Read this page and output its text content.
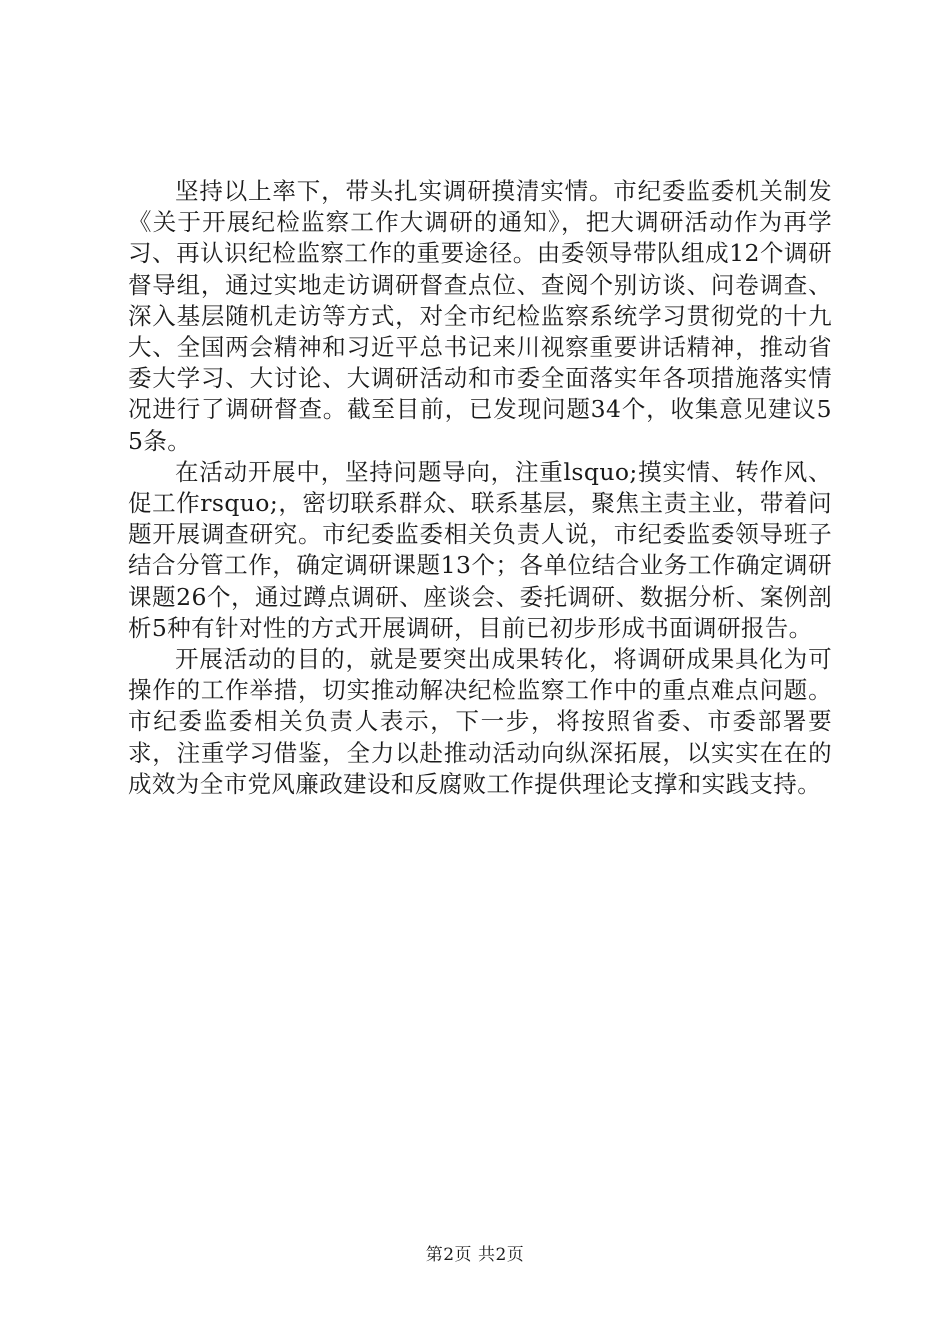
坚持以上率下，带头扎实调研摸清实情。市纪委监委机关制发《关于开展纪检监察工作大调研的通知》，把大调研活动作为再学习、再认识纪检监察工作的重要途径。由委领导带队组成12个调研督导组，通过实地走访调研督查点位、查阅个别访谈、问卷调查、深入基层随机走访等方式，对全市纪检监察系统学习贯彻党的十九大、全国两会精神和习近平总书记来川视察重要讲话精神，推动省委大学习、大讨论、大调研活动和市委全面落实年各项措施落实情况进行了调研督查。截至目前，已发现问题34个，收集意见建议55条。

在活动开展中，坚持问题导向，注重lsquo;摸实情、转作风、促工作rsquo;，密切联系群众、联系基层，聚焦主责主业，带着问题开展调查研究。市纪委监委相关负责人说，市纪委监委领导班子结合分管工作，确定调研课题13个；各单位结合业务工作确定调研课题26个，通过蹲点调研、座谈会、委托调研、数据分析、案例剖析5种有针对性的方式开展调研，目前已初步形成书面调研报告。

开展活动的目的，就是要突出成果转化，将调研成果具化为可操作的工作举措，切实推动解决纪检监察工作中的重点难点问题。市纪委监委相关负责人表示，下一步，将按照省委、市委部署要求，注重学习借鉴，全力以赴推动活动向纵深拓展，以实实在在的成效为全市党风廉政建设和反腐败工作提供理论支撑和实践支持。

第2页 共2页
